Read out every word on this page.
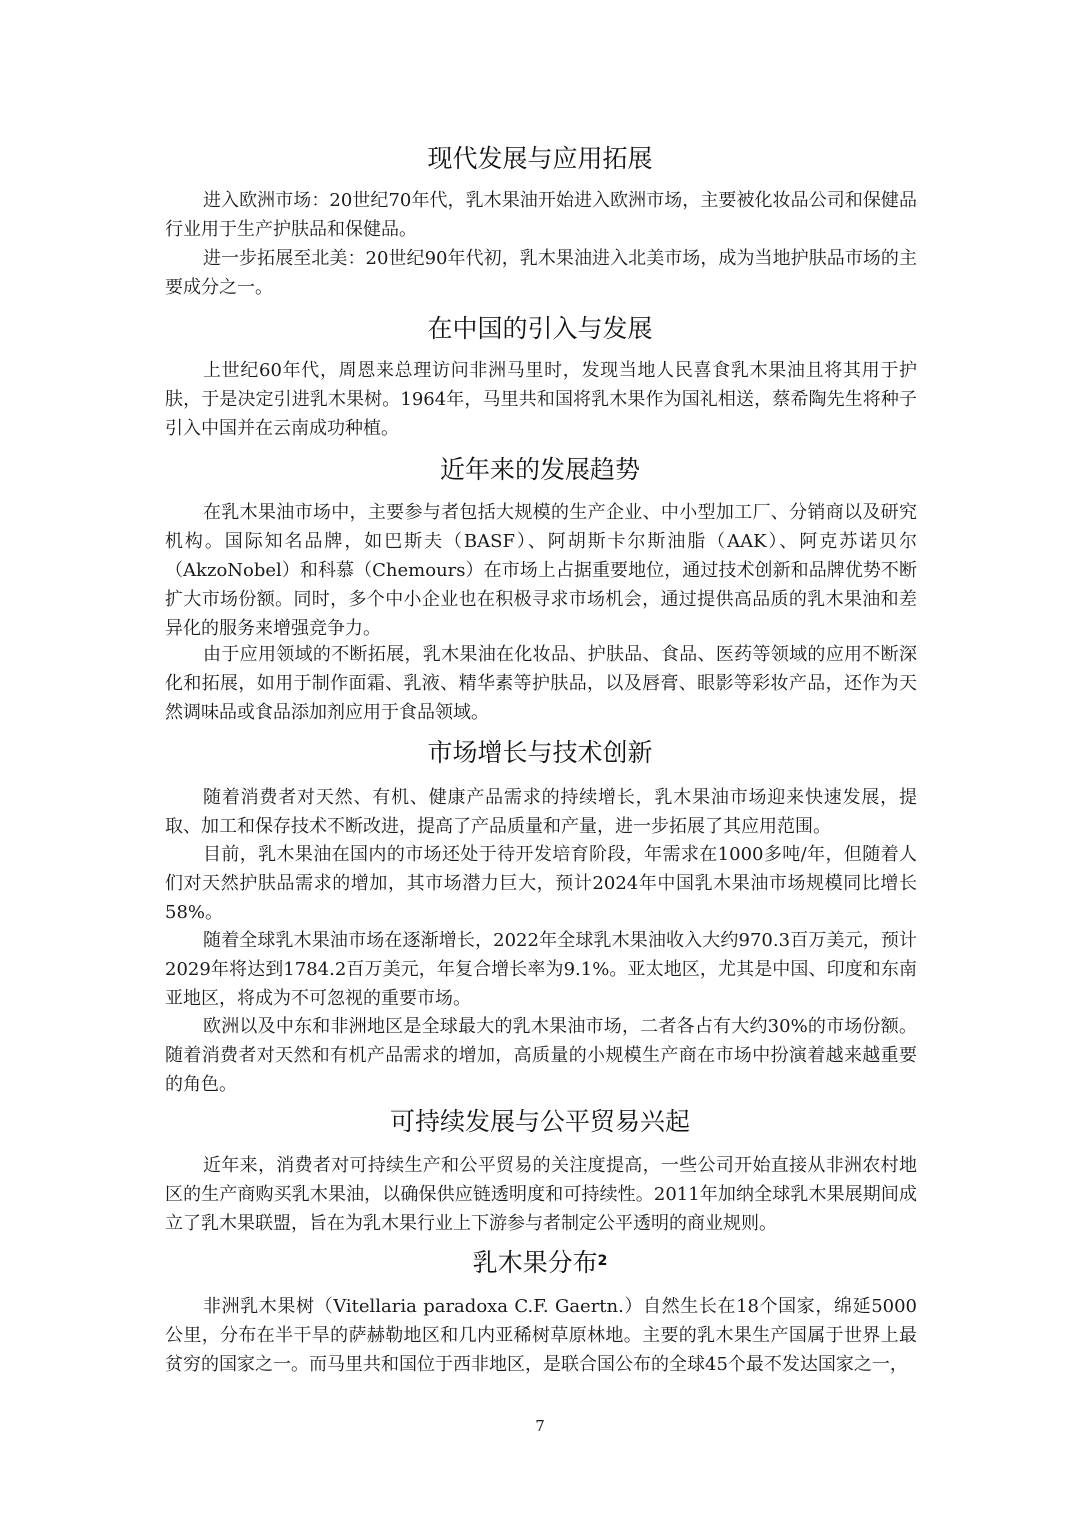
现代发展与应用拓展
进入欧洲市场：20世纪70年代，乳木果油开始进入欧洲市场，主要被化妆品公司和保健品行业用于生产护肤品和保健品。
进一步拓展至北美：20世纪90年代初，乳木果油进入北美市场，成为当地护肤品市场的主要成分之一。
在中国的引入与发展
上世纪60年代，周恩来总理访问非洲马里时，发现当地人民喜食乳木果油且将其用于护肤，于是决定引进乳木果树。1964年，马里共和国将乳木果作为国礼相送，蔡希陶先生将种子引入中国并在云南成功种植。
近年来的发展趋势
在乳木果油市场中，主要参与者包括大规模的生产企业、中小型加工厂、分销商以及研究机构。国际知名品牌，如巴斯夫（BASF）、阿胡斯卡尔斯油脂（AAK）、阿克苏诺贝尔（AkzoNobel）和科慕（Chemours）在市场上占据重要地位，通过技术创新和品牌优势不断扩大市场份额。同时，多个中小企业也在积极寻求市场机会，通过提供高品质的乳木果油和差异化的服务来增强竞争力。
由于应用领域的不断拓展，乳木果油在化妆品、护肤品、食品、医药等领域的应用不断深化和拓展，如用于制作面霜、乳液、精华素等护肤品，以及唇膏、眼影等彩妆产品，还作为天然调味品或食品添加剂应用于食品领域。
市场增长与技术创新
随着消费者对天然、有机、健康产品需求的持续增长，乳木果油市场迎来快速发展，提取、加工和保存技术不断改进，提高了产品质量和产量，进一步拓展了其应用范围。
目前，乳木果油在国内的市场还处于待开发培育阶段，年需求在1000多吨/年，但随着人们对天然护肤品需求的增加，其市场潜力巨大，预计2024年中国乳木果油市场规模同比增长58%。
随着全球乳木果油市场在逐渐增长，2022年全球乳木果油收入大约970.3百万美元，预计2029年将达到1784.2百万美元，年复合增长率为9.1%。亚太地区，尤其是中国、印度和东南亚地区，将成为不可忽视的重要市场。
欧洲以及中东和非洲地区是全球最大的乳木果油市场，二者各占有大约30%的市场份额。随着消费者对天然和有机产品需求的增加，高质量的小规模生产商在市场中扮演着越来越重要的角色。
可持续发展与公平贸易兴起
近年来，消费者对可持续生产和公平贸易的关注度提高，一些公司开始直接从非洲农村地区的生产商购买乳木果油，以确保供应链透明度和可持续性。2011年加纳全球乳木果展期间成立了乳木果联盟，旨在为乳木果行业上下游参与者制定公平透明的商业规则。
乳木果分布$^2$
非洲乳木果树（Vitellaria paradoxa C.F. Gaertn.）自然生长在18个国家，绵延5000公里，分布在半干旱的萨赫勒地区和几内亚稀树草原林地。主要的乳木果生产国属于世界上最贫穷的国家之一。而马里共和国位于西非地区，是联合国公布的全球45个最不发达国家之一，
7
